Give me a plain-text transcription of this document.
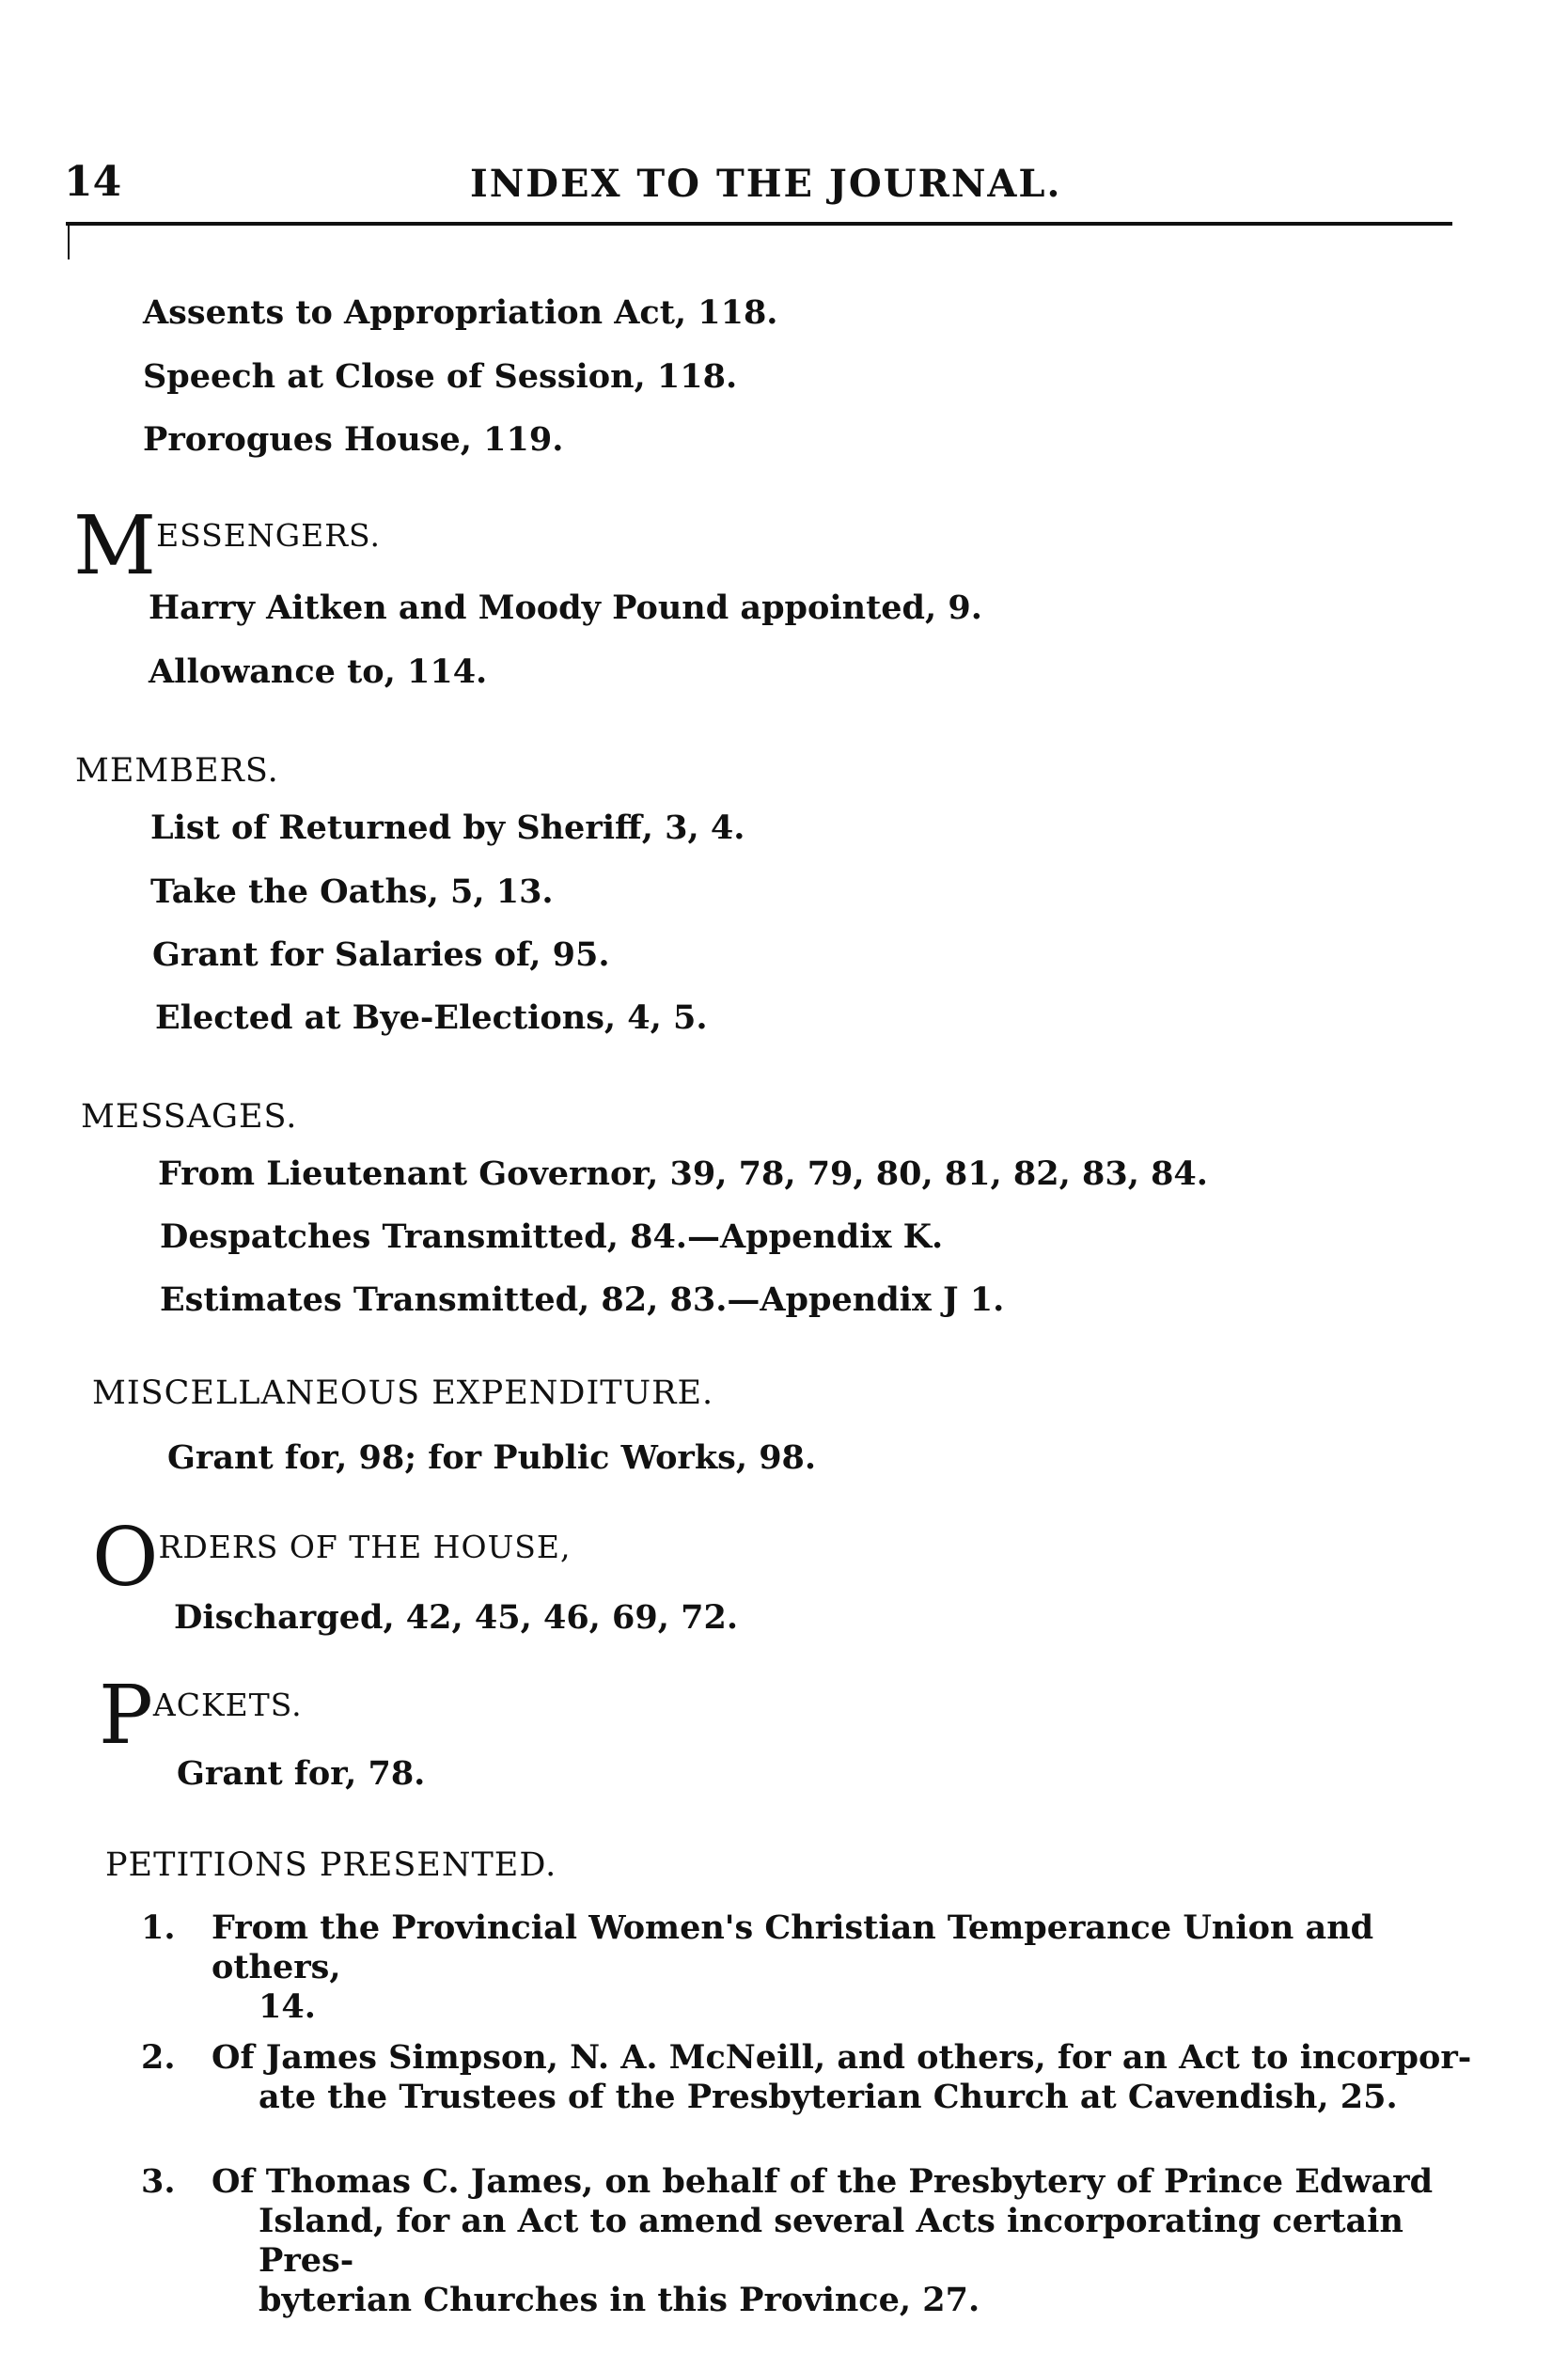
14	INDEX TO THE JOURNAL.
Assents to Appropriation Act, 118.
Speech at Close of Session, 118.
Prorogues House, 119.
MESSENGERS.
Harry Aitken and Moody Pound appointed, 9.
Allowance to, 114.
MEMBERS.
List of Returned by Sheriff, 3, 4.
Take the Oaths, 5, 13.
Grant for Salaries of, 95.
Elected at Bye-Elections, 4, 5.
MESSAGES.
From Lieutenant Governor, 39, 78, 79, 80, 81, 82, 83, 84.
Despatches Transmitted, 84.—Appendix K.
Estimates Transmitted, 82, 83.—Appendix J 1.
MISCELLANEOUS EXPENDITURE.
Grant for, 98; for Public Works, 98.
ORDERS OF THE HOUSE,
Discharged, 42, 45, 46, 69, 72.
PACKETS.
Grant for, 78.
PETITIONS PRESENTED.
1. From the Provincial Women's Christian Temperance Union and others,
14.
2. Of James Simpson, N. A. McNeill, and others, for an Act to incorpor-
ate the Trustees of the Presbyterian Church at Cavendish, 25.
3. Of Thomas C. James, on behalf of the Presbytery of Prince Edward
Island, for an Act to amend several Acts incorporating certain Pres-
byterian Churches in this Province, 27.
